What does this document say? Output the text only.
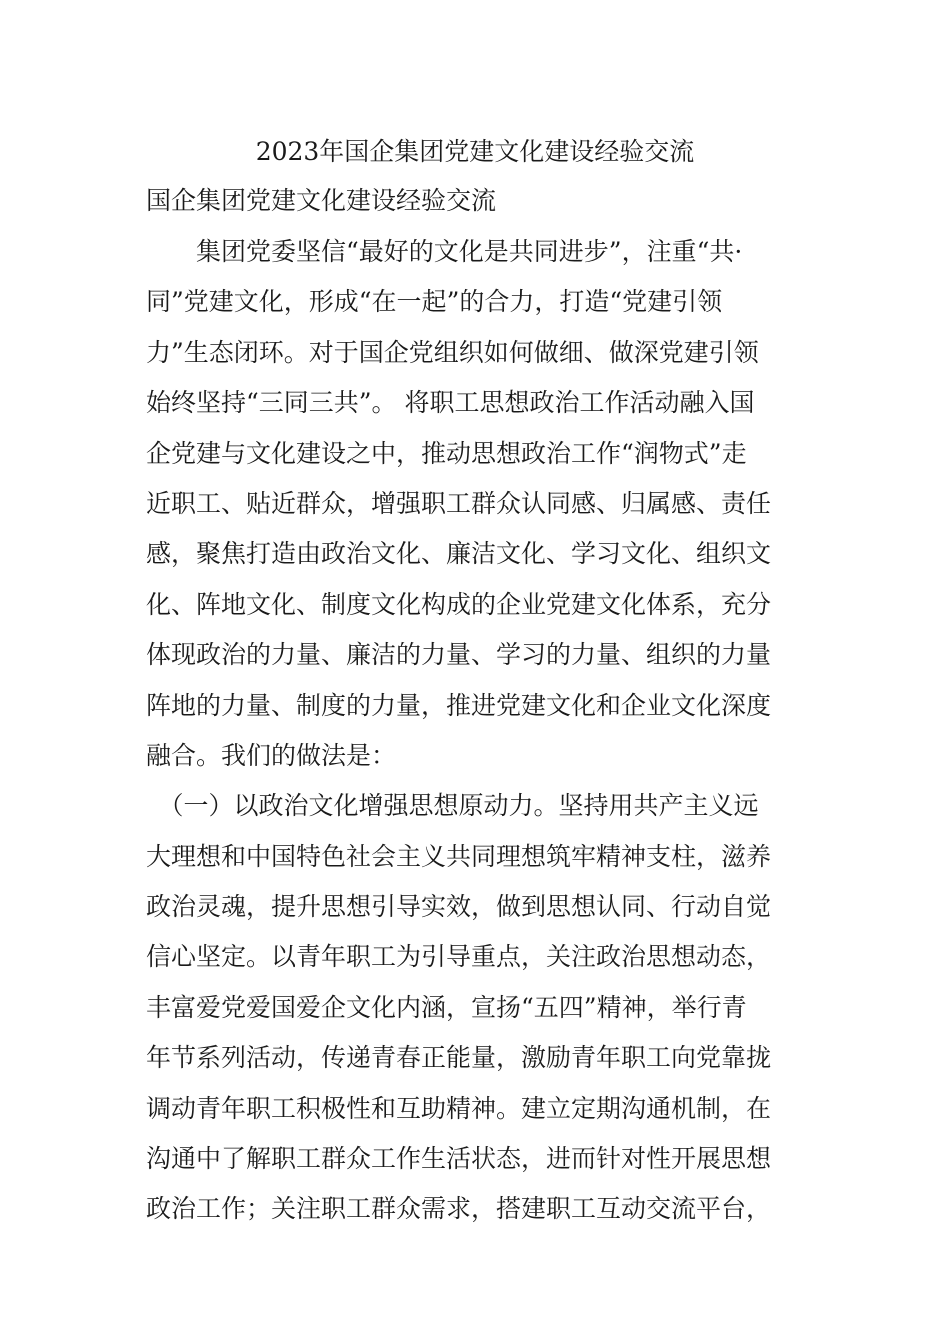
2023年国企集团党建文化建设经验交流
国企集团党建文化建设经验交流
　　集团党委坚信“最好的文化是共同进步”，注重“共·
同”党建文化，形成“在一起”的合力，打造“党建引领
力”生态闭环。对于国企党组织如何做细、做深党建引领
始终坚持“三同三共”。 将职工思想政治工作活动融入国
企党建与文化建设之中，推动思想政治工作“润物式”走
近职工、贴近群众，增强职工群众认同感、归属感、责任
感，聚焦打造由政治文化、廉洁文化、学习文化、组织文
化、阵地文化、制度文化构成的企业党建文化体系，充分
体现政治的力量、廉洁的力量、学习的力量、组织的力量
阵地的力量、制度的力量，推进党建文化和企业文化深度
融合。我们的做法是：
　（一）以政治文化增强思想原动力。坚持用共产主义远
大理想和中国特色社会主义共同理想筑牢精神支柱，滋养
政治灵魂，提升思想引导实效，做到思想认同、行动自觉
信心坚定。以青年职工为引导重点，关注政治思想动态，
丰富爱党爱国爱企文化内涵，宣扬“五四”精神，举行青
年节系列活动，传递青春正能量，激励青年职工向党靠拢
调动青年职工积极性和互助精神。建立定期沟通机制，在
沟通中了解职工群众工作生活状态，进而针对性开展思想
政治工作；关注职工群众需求，搭建职工互动交流平台，
